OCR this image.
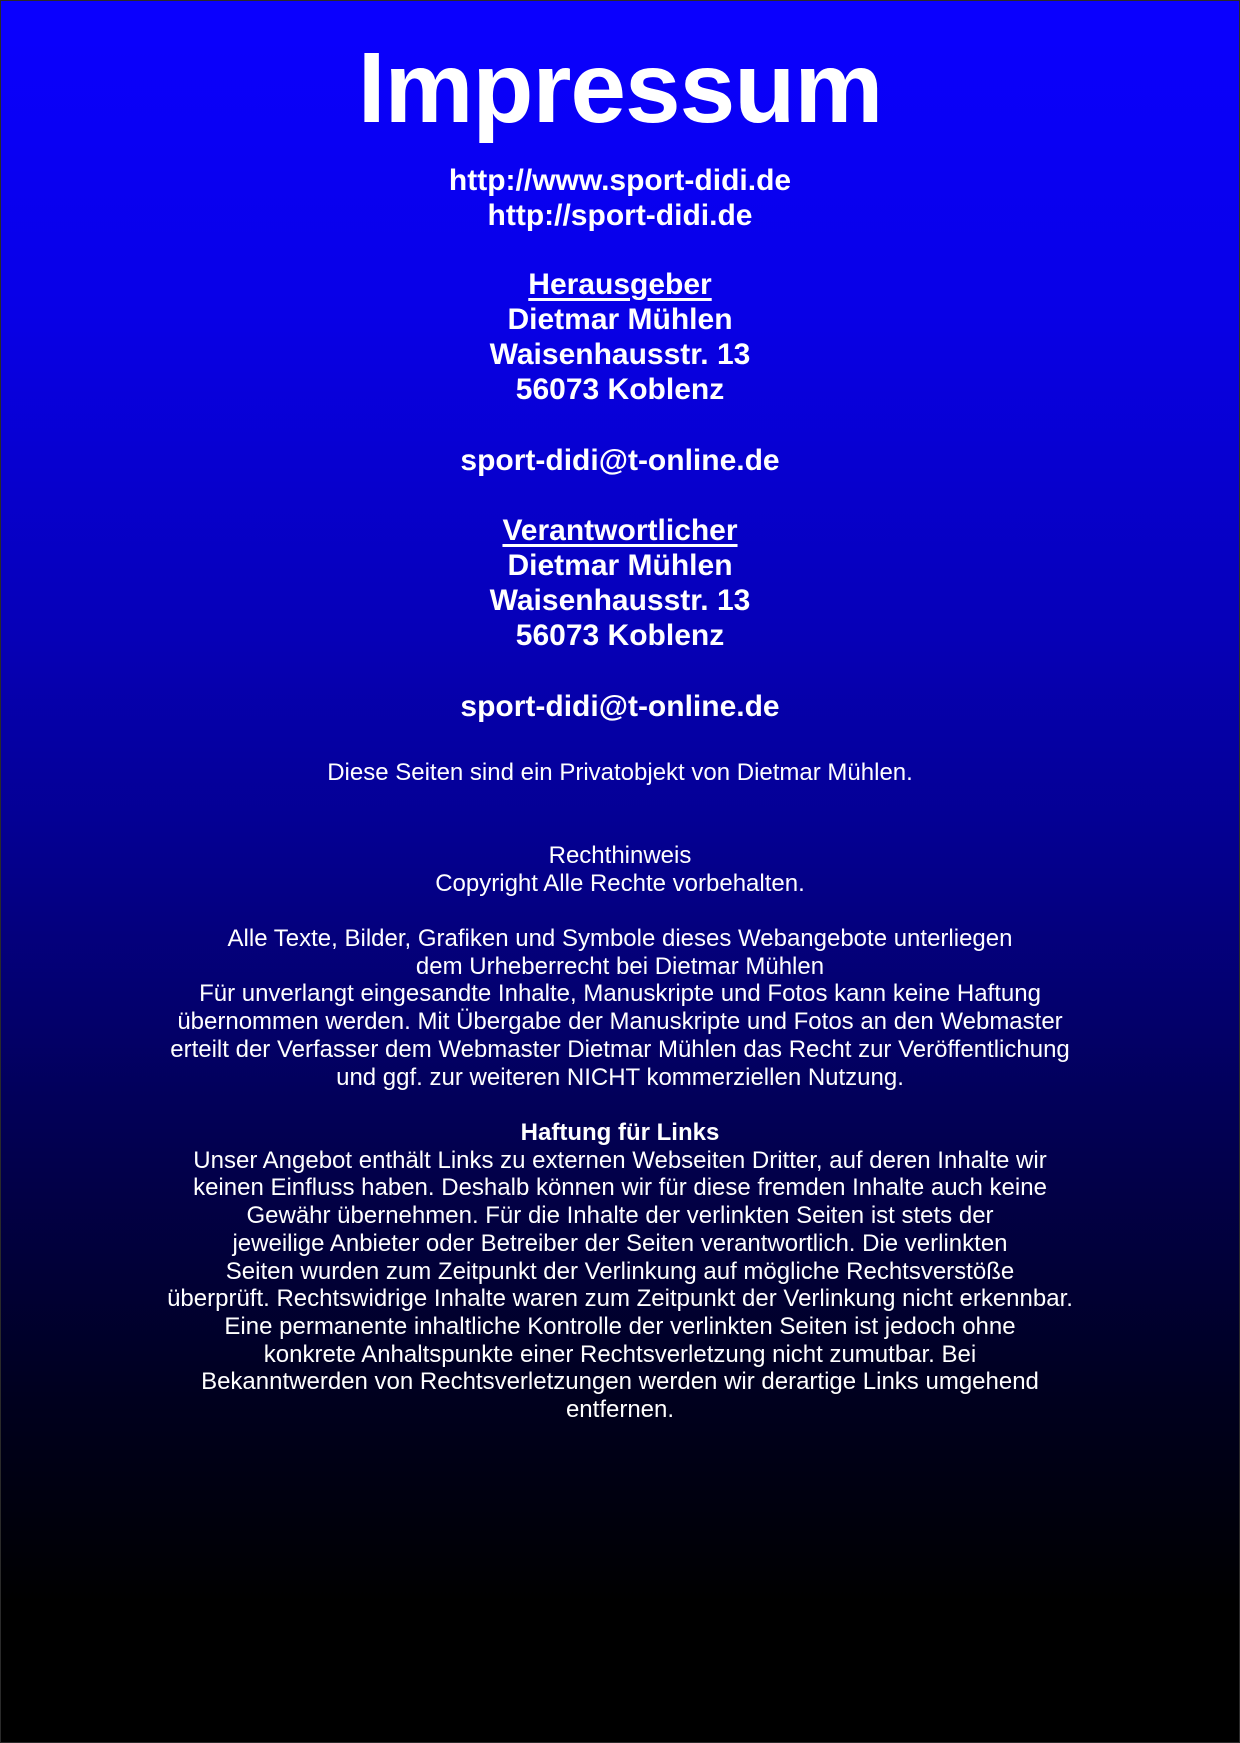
Impressum
http://www.sport-didi.de
http://sport-didi.de
Herausgeber
Dietmar Mühlen
Waisenhausstr. 13
56073 Koblenz
sport-didi@t-online.de
Verantwortlicher
Dietmar Mühlen
Waisenhausstr. 13
56073 Koblenz
sport-didi@t-online.de
Diese Seiten sind ein Privatobjekt von Dietmar Mühlen.
Rechthinweis
Copyright Alle Rechte vorbehalten.
Alle Texte, Bilder, Grafiken und Symbole dieses Webangebote unterliegen
dem Urheberrecht bei Dietmar Mühlen
Für unverlangt eingesandte Inhalte, Manuskripte und Fotos kann keine Haftung
übernommen werden. Mit Übergabe der Manuskripte und Fotos an den Webmaster
erteilt der Verfasser dem Webmaster Dietmar Mühlen das Recht zur Veröffentlichung
und ggf. zur weiteren NICHT kommerziellen Nutzung.
Haftung für Links
Unser Angebot enthält Links zu externen Webseiten Dritter, auf deren Inhalte wir
keinen Einfluss haben. Deshalb können wir für diese fremden Inhalte auch keine
Gewähr übernehmen. Für die Inhalte der verlinkten Seiten ist stets der
jeweilige Anbieter oder Betreiber der Seiten verantwortlich. Die verlinkten
Seiten wurden zum Zeitpunkt der Verlinkung auf mögliche Rechtsverstöße
überprüft. Rechtswidrige Inhalte waren zum Zeitpunkt der Verlinkung nicht erkennbar.
Eine permanente inhaltliche Kontrolle der verlinkten Seiten ist jedoch ohne
konkrete Anhaltspunkte einer Rechtsverletzung nicht zumutbar. Bei
Bekanntwerden von Rechtsverletzungen werden wir derartige Links umgehend
entfernen.
